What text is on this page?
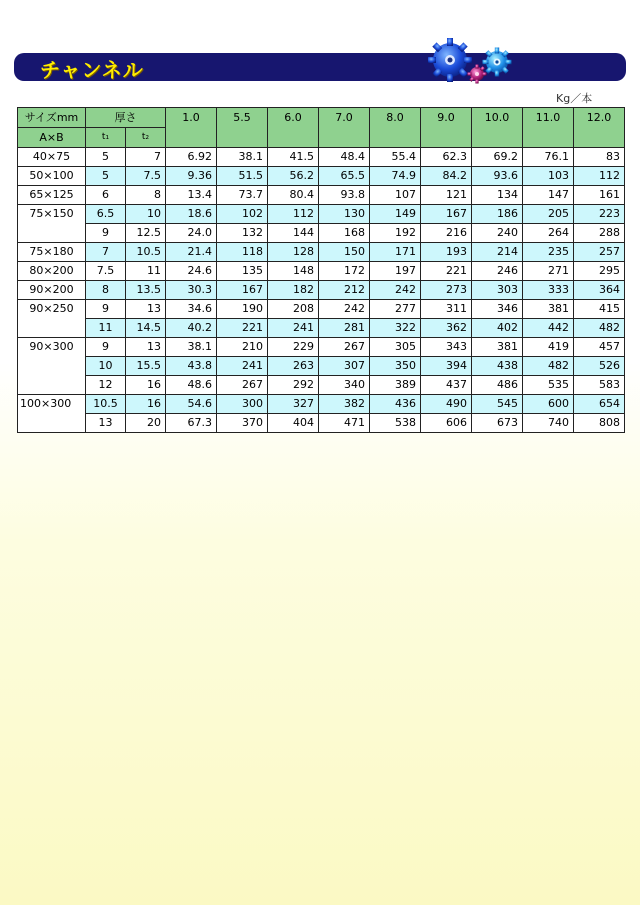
チャンネル
Kg／本
サイズmm	厚さ		1.0	5.5	6.0	7.0	8.0	9.0	10.0	11.0	12.0
A×B	t₁	t₂									
40×75	5	7	6.92	38.1	41.5	48.4	55.4	62.3	69.2	76.1	83
50×100	5	7.5	9.36	51.5	56.2	65.5	74.9	84.2	93.6	103	112
65×125	6	8	13.4	73.7	80.4	93.8	107	121	134	147	161
75×150	6.5	10	18.6	102	112	130	149	167	186	205	223
	9	12.5	24.0	132	144	168	192	216	240	264	288
75×180	7	10.5	21.4	118	128	150	171	193	214	235	257
80×200	7.5	11	24.6	135	148	172	197	221	246	271	295
90×200	8	13.5	30.3	167	182	212	242	273	303	333	364
90×250	9	13	34.6	190	208	242	277	311	346	381	415
	11	14.5	40.2	221	241	281	322	362	402	442	482
90×300	9	13	38.1	210	229	267	305	343	381	419	457
	10	15.5	43.8	241	263	307	350	394	438	482	526
	12	16	48.6	267	292	340	389	437	486	535	583
100×300	10.5	16	54.6	300	327	382	436	490	545	600	654
	13	20	67.3	370	404	471	538	606	673	740	808
